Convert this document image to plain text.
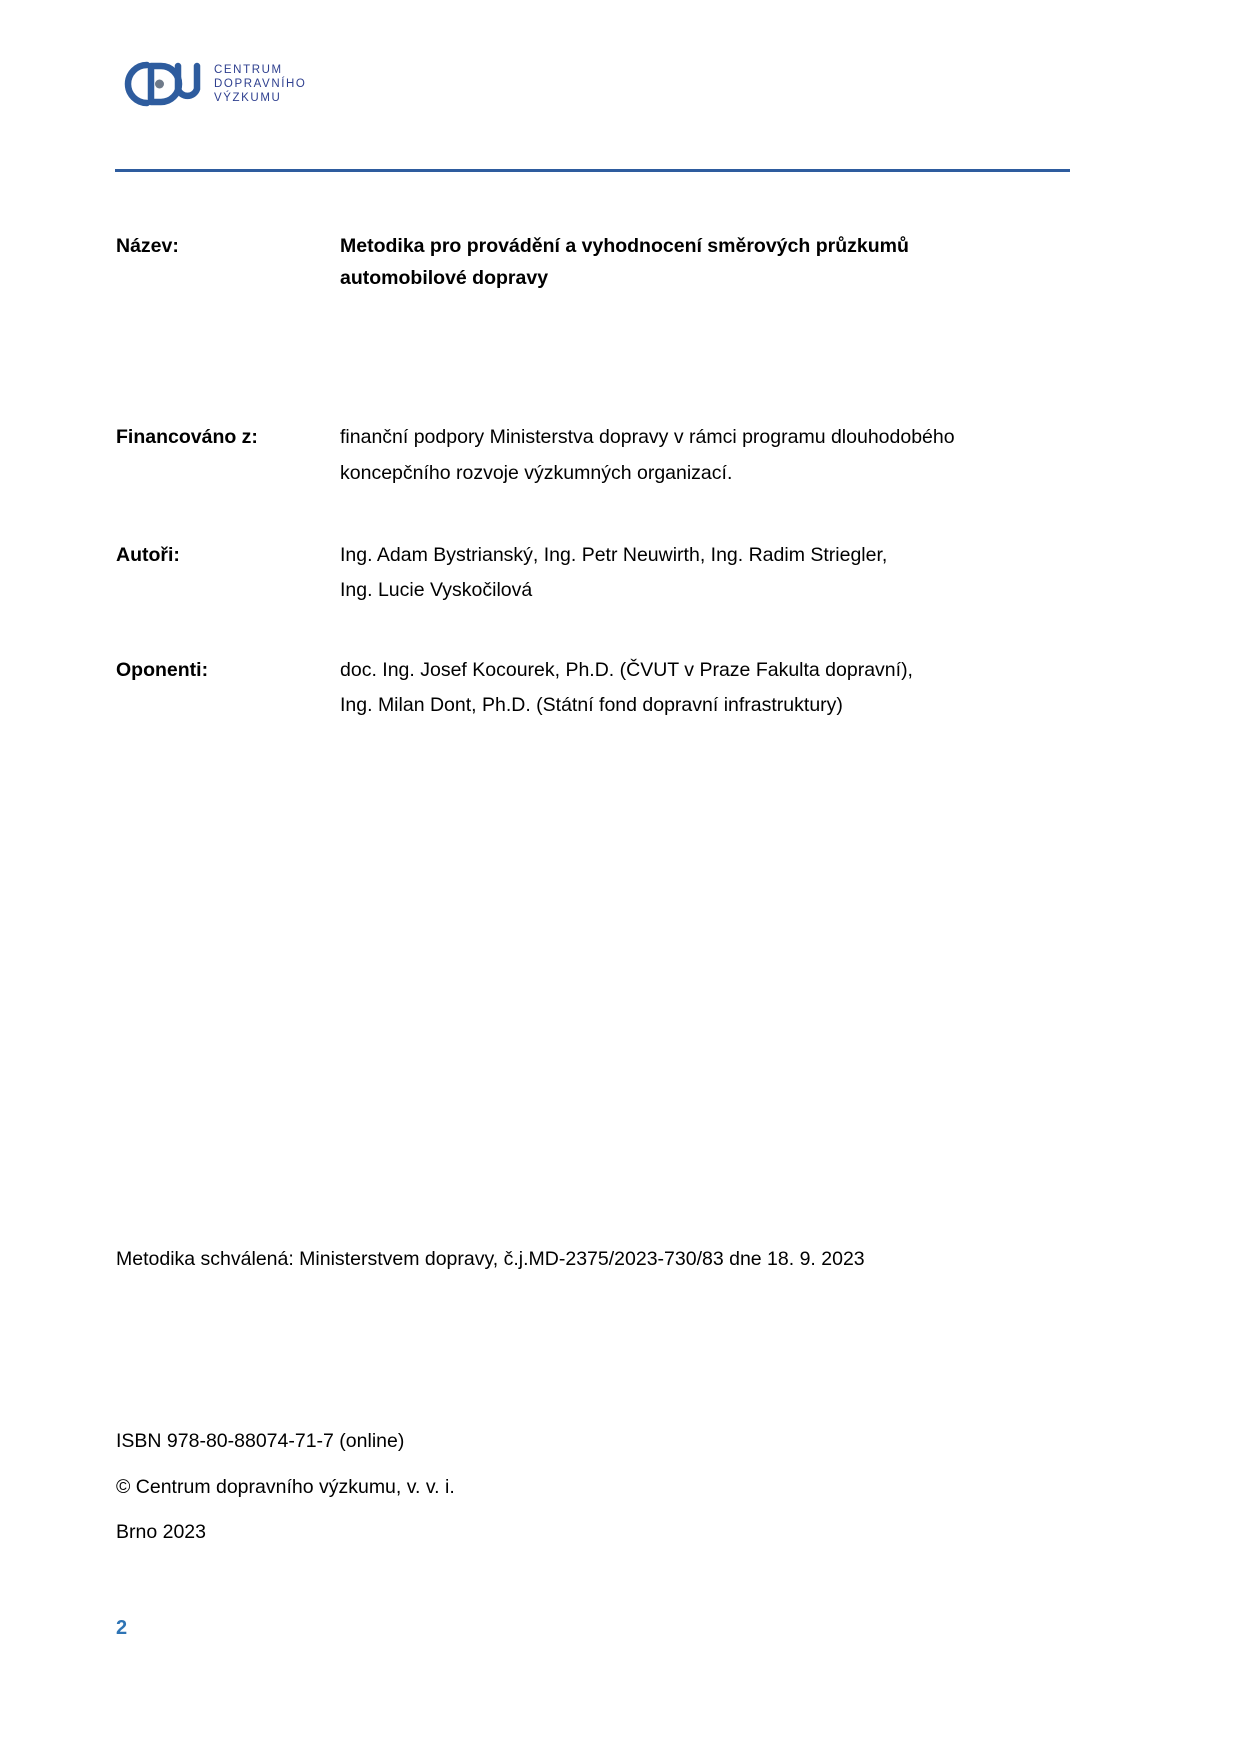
CENTRUM
DOPRAVNÍHO
VÝZKUMU
Název:	Metodika pro provádění a vyhodnocení směrových průzkumů
automobilové dopravy
Financováno z:	finanční podpory Ministerstva dopravy v rámci programu dlouhodobého
koncepčního rozvoje výzkumných organizací.
Autoři:	Ing. Adam Bystrianský, Ing. Petr Neuwirth, Ing. Radim Striegler,
Ing. Lucie Vyskočilová
Oponenti:	doc. Ing. Josef Kocourek, Ph.D. (ČVUT v Praze Fakulta dopravní),
Ing. Milan Dont, Ph.D. (Státní fond dopravní infrastruktury)
Metodika schválená: Ministerstvem dopravy, č.j.MD-2375/2023-730/83 dne 18. 9. 2023
ISBN 978-80-88074-71-7 (online)
© Centrum dopravního výzkumu, v. v. i.
Brno 2023
2
